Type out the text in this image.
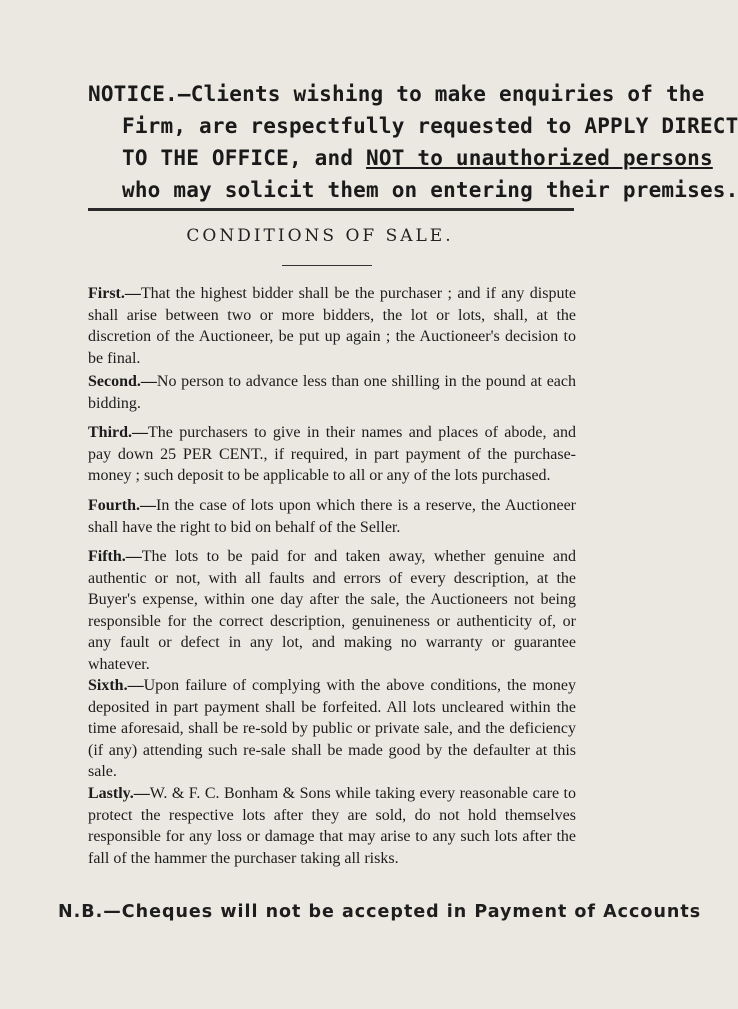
NOTICE.—Clients wishing to make enquiries of the
Firm, are respectfully requested to APPLY DIRECT
TO THE OFFICE, and NOT to unauthorized persons
who may solicit them on entering their premises.
CONDITIONS OF SALE.
First.—That the highest bidder shall be the purchaser ; and if any dispute shall arise between two or more bidders, the lot or lots, shall, at the discretion of the Auctioneer, be put up again ; the Auctioneer's decision to be final.
Second.—No person to advance less than one shilling in the pound at each bidding.
Third.—The purchasers to give in their names and places of abode, and pay down 25 PER CENT., if required, in part payment of the purchase-money ; such deposit to be applicable to all or any of the lots purchased.
Fourth.—In the case of lots upon which there is a reserve, the Auctioneer shall have the right to bid on behalf of the Seller.
Fifth.—The lots to be paid for and taken away, whether genuine and authentic or not, with all faults and errors of every description, at the Buyer's expense, within one day after the sale, the Auctioneers not being responsible for the correct description, genuineness or authenticity of, or any fault or defect in any lot, and making no warranty or guarantee whatever.
Sixth.—Upon failure of complying with the above conditions, the money deposited in part payment shall be forfeited. All lots uncleared within the time aforesaid, shall be re-sold by public or private sale, and the deficiency (if any) attending such re-sale shall be made good by the defaulter at this sale.
Lastly.—W. & F. C. Bonham & Sons while taking every reasonable care to protect the respective lots after they are sold, do not hold themselves responsible for any loss or damage that may arise to any such lots after the fall of the hammer the purchaser taking all risks.
N.B.—Cheques will not be accepted in Payment of Accounts
